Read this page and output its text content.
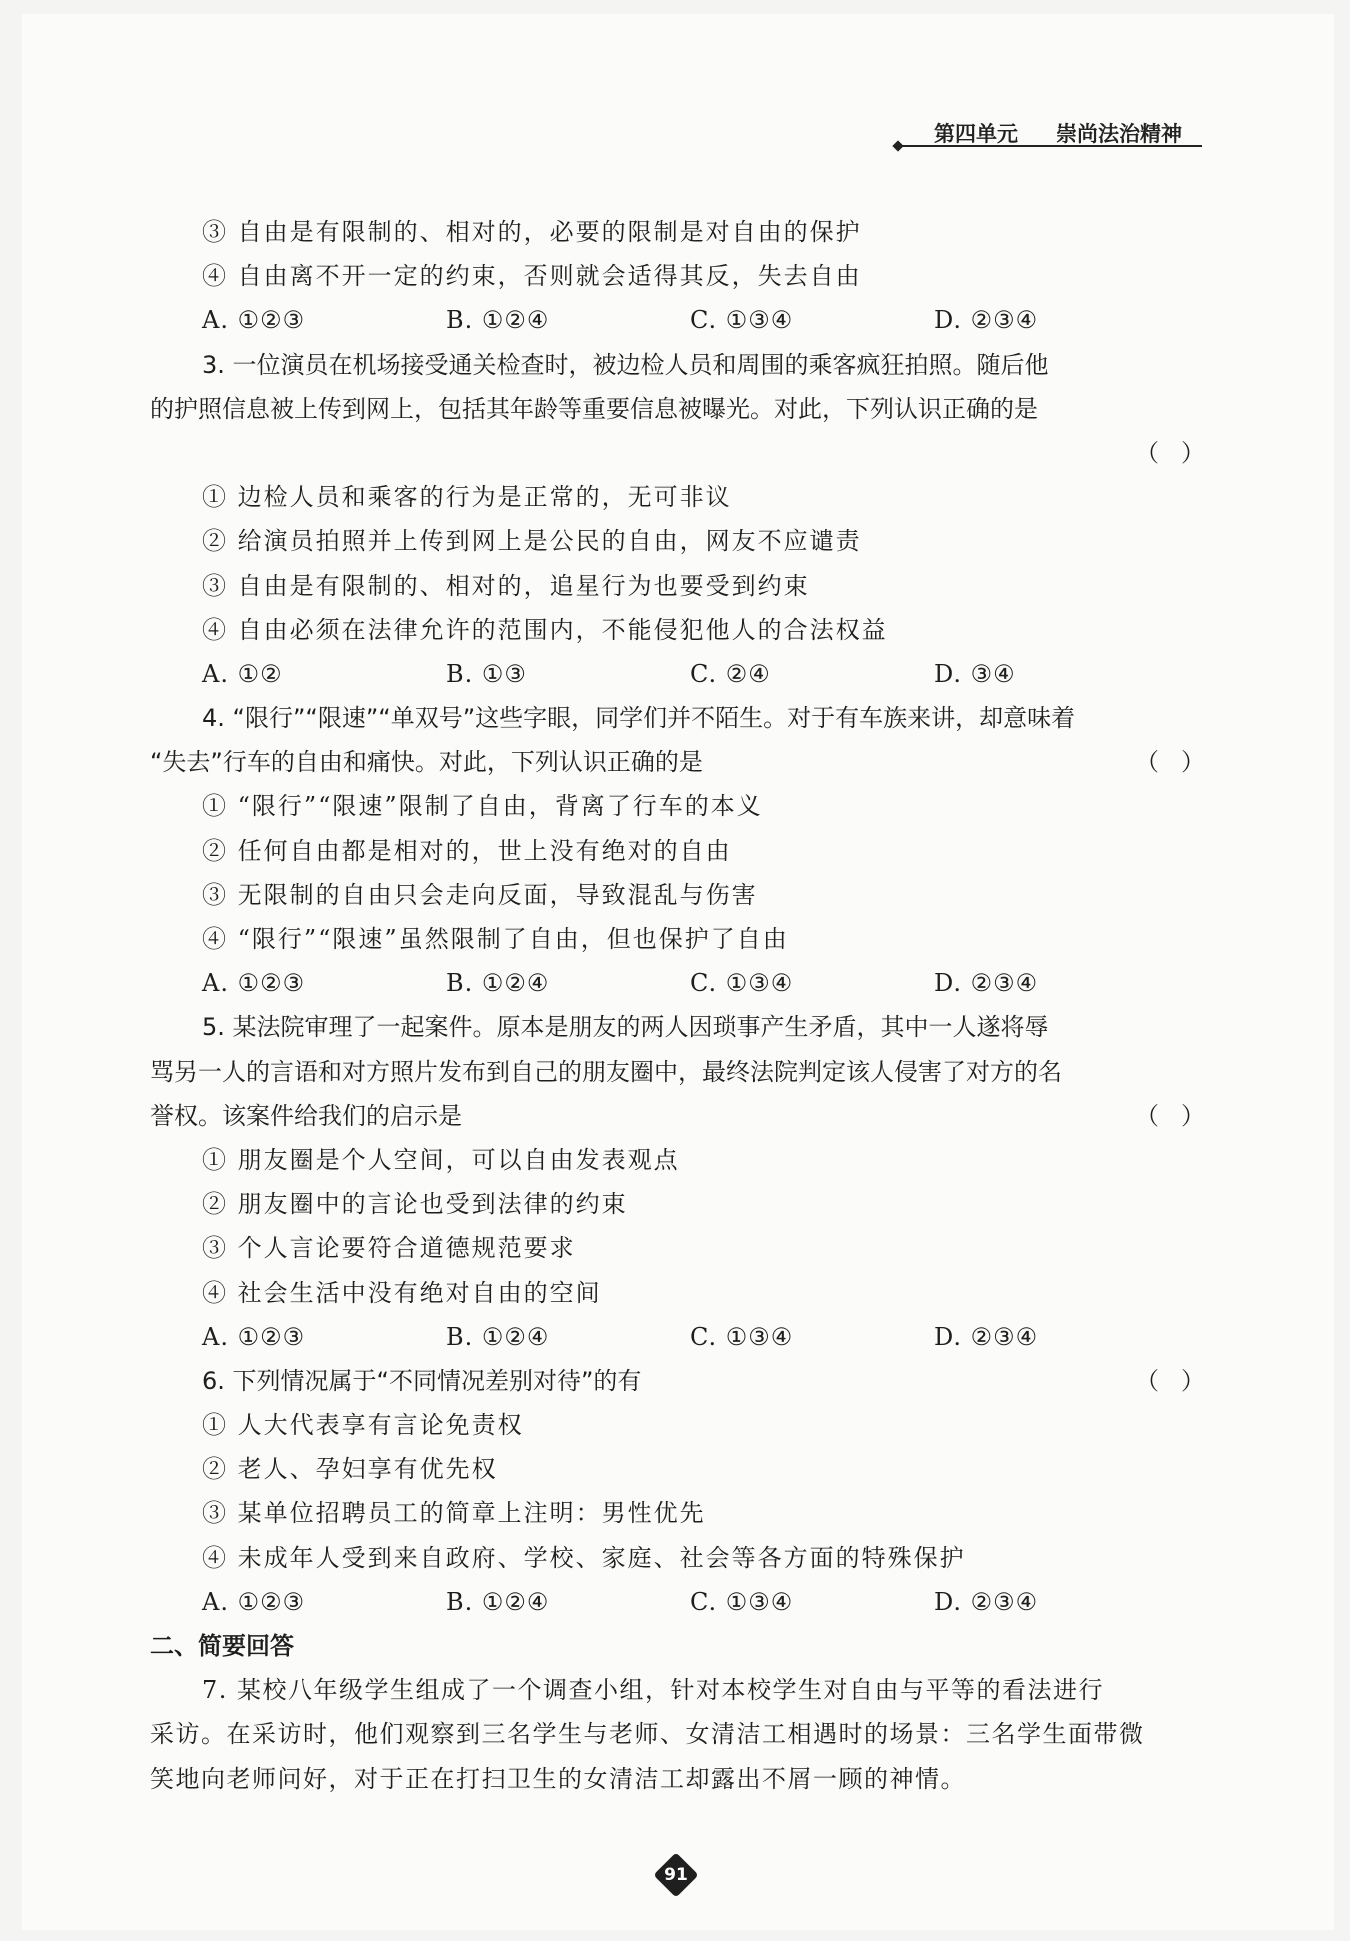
第四单元 崇尚法治精神
③ 自由是有限制的、相对的，必要的限制是对自由的保护
④ 自由离不开一定的约束，否则就会适得其反，失去自由
A. ①②③	B. ①②④	C. ①③④	D. ②③④
3. 一位演员在机场接受通关检查时，被边检人员和周围的乘客疯狂拍照。随后他
的护照信息被上传到网上，包括其年龄等重要信息被曝光。对此，下列认识正确的是
（ ）
① 边检人员和乘客的行为是正常的，无可非议
② 给演员拍照并上传到网上是公民的自由，网友不应谴责
③ 自由是有限制的、相对的，追星行为也要受到约束
④ 自由必须在法律允许的范围内，不能侵犯他人的合法权益
A. ①②	B. ①③	C. ②④	D. ③④
4. “限行”“限速”“单双号”这些字眼，同学们并不陌生。对于有车族来讲，却意味着
“失去”行车的自由和痛快。对此，下列认识正确的是	（ ）
① “限行”“限速”限制了自由，背离了行车的本义
② 任何自由都是相对的，世上没有绝对的自由
③ 无限制的自由只会走向反面，导致混乱与伤害
④ “限行”“限速”虽然限制了自由，但也保护了自由
A. ①②③	B. ①②④	C. ①③④	D. ②③④
5. 某法院审理了一起案件。原本是朋友的两人因琐事产生矛盾，其中一人遂将辱
骂另一人的言语和对方照片发布到自己的朋友圈中，最终法院判定该人侵害了对方的名
誉权。该案件给我们的启示是	（ ）
① 朋友圈是个人空间，可以自由发表观点
② 朋友圈中的言论也受到法律的约束
③ 个人言论要符合道德规范要求
④ 社会生活中没有绝对自由的空间
A. ①②③	B. ①②④	C. ①③④	D. ②③④
6. 下列情况属于“不同情况差别对待”的有	（ ）
① 人大代表享有言论免责权
② 老人、孕妇享有优先权
③ 某单位招聘员工的简章上注明：男性优先
④ 未成年人受到来自政府、学校、家庭、社会等各方面的特殊保护
A. ①②③	B. ①②④	C. ①③④	D. ②③④
二、简要回答
7. 某校八年级学生组成了一个调查小组，针对本校学生对自由与平等的看法进行
采访。在采访时，他们观察到三名学生与老师、女清洁工相遇时的场景：三名学生面带微
笑地向老师问好，对于正在打扫卫生的女清洁工却露出不屑一顾的神情。
91
